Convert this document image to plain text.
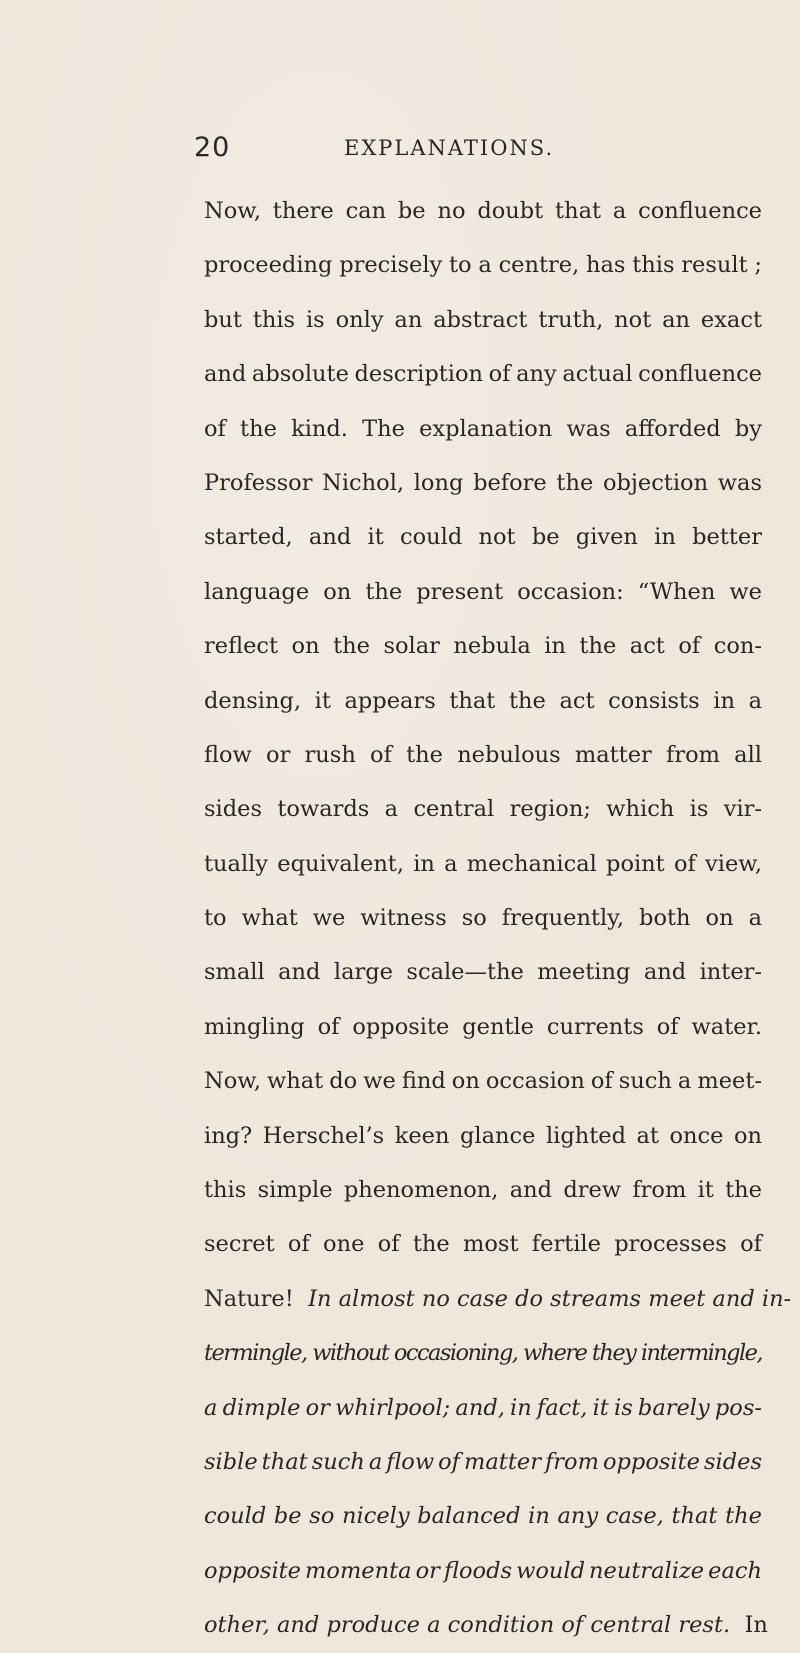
20	EXPLANATIONS.
Now, there can be no doubt that a confluence
proceeding precisely to a centre, has this result ;
but this is only an abstract truth, not an exact
and absolute description of any actual confluence
of the kind. The explanation was afforded by
Professor Nichol, long before the objection was
started, and it could not be given in better
language on the present occasion: “When we
reflect on the solar nebula in the act of con-
densing, it appears that the act consists in a
flow or rush of the nebulous matter from all
sides towards a central region; which is vir-
tually equivalent, in a mechanical point of view,
to what we witness so frequently, both on a
small and large scale—the meeting and inter-
mingling of opposite gentle currents of water.
Now, what do we find on occasion of such a meet-
ing? Herschel’s keen glance lighted at once on
this simple phenomenon, and drew from it the
secret of one of the most fertile processes of
Nature!  In almost no case do streams meet and in-
termingle, without occasioning, where they intermingle,
a dimple or whirlpool; and, in fact, it is barely pos-
sible that such a flow of matter from opposite sides
could be so nicely balanced in any case, that the
opposite momenta or floods would neutralize each
other, and produce a condition of central rest.  In
